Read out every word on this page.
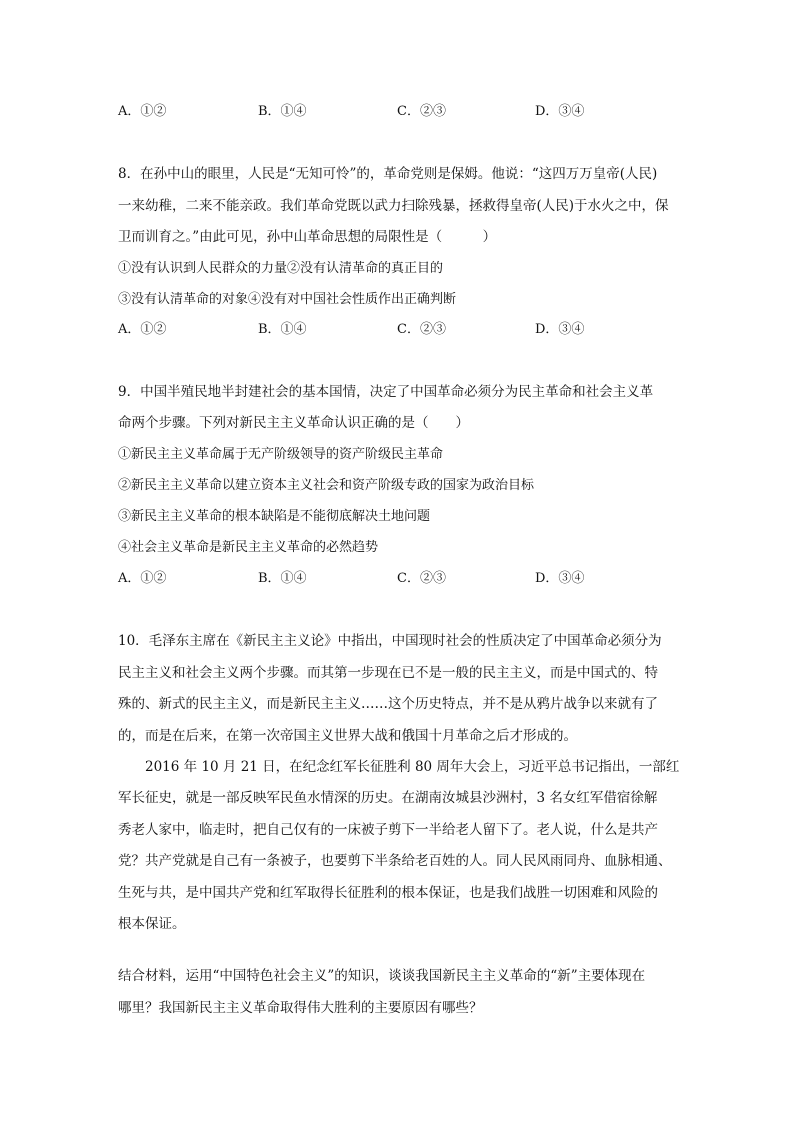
A．①②	B．①④	C．②③	D．③④
8．在孙中山的眼里，人民是“无知可怜”的，革命党则是保姆。他说：“这四万万皇帝(人民)
一来幼稚，二来不能亲政。我们革命党既以武力扫除残暴，拯救得皇帝(人民)于水火之中，保
卫而训育之。”由此可见，孙中山革命思想的局限性是（　　　）
①没有认识到人民群众的力量②没有认清革命的真正目的
③没有认清革命的对象④没有对中国社会性质作出正确判断
A．①②	B．①④	C．②③	D．③④
9．中国半殖民地半封建社会的基本国情，决定了中国革命必须分为民主革命和社会主义革
命两个步骤。下列对新民主主义革命认识正确的是（　　）
①新民主主义革命属于无产阶级领导的资产阶级民主革命
②新民主主义革命以建立资本主义社会和资产阶级专政的国家为政治目标
③新民主主义革命的根本缺陷是不能彻底解决土地问题
④社会主义革命是新民主主义革命的必然趋势
A．①②	B．①④	C．②③	D．③④
10．毛泽东主席在《新民主主义论》中指出，中国现时社会的性质决定了中国革命必须分为
民主主义和社会主义两个步骤。而其第一步现在已不是一般的民主主义，而是中国式的、特
殊的、新式的民主主义，而是新民主主义……这个历史特点，并不是从鸦片战争以来就有了
的，而是在后来，在第一次帝国主义世界大战和俄国十月革命之后才形成的。
　　2016 年 10 月 21 日，在纪念红军长征胜利 80 周年大会上，习近平总书记指出，一部红
军长征史，就是一部反映军民鱼水情深的历史。在湖南汝城县沙洲村，3 名女红军借宿徐解
秀老人家中，临走时，把自己仅有的一床被子剪下一半给老人留下了。老人说，什么是共产
党？共产党就是自己有一条被子，也要剪下半条给老百姓的人。同人民风雨同舟、血脉相通、
生死与共，是中国共产党和红军取得长征胜利的根本保证，也是我们战胜一切困难和风险的
根本保证。
结合材料，运用“中国特色社会主义”的知识，谈谈我国新民主主义革命的“新”主要体现在
哪里？我国新民主主义革命取得伟大胜利的主要原因有哪些？
